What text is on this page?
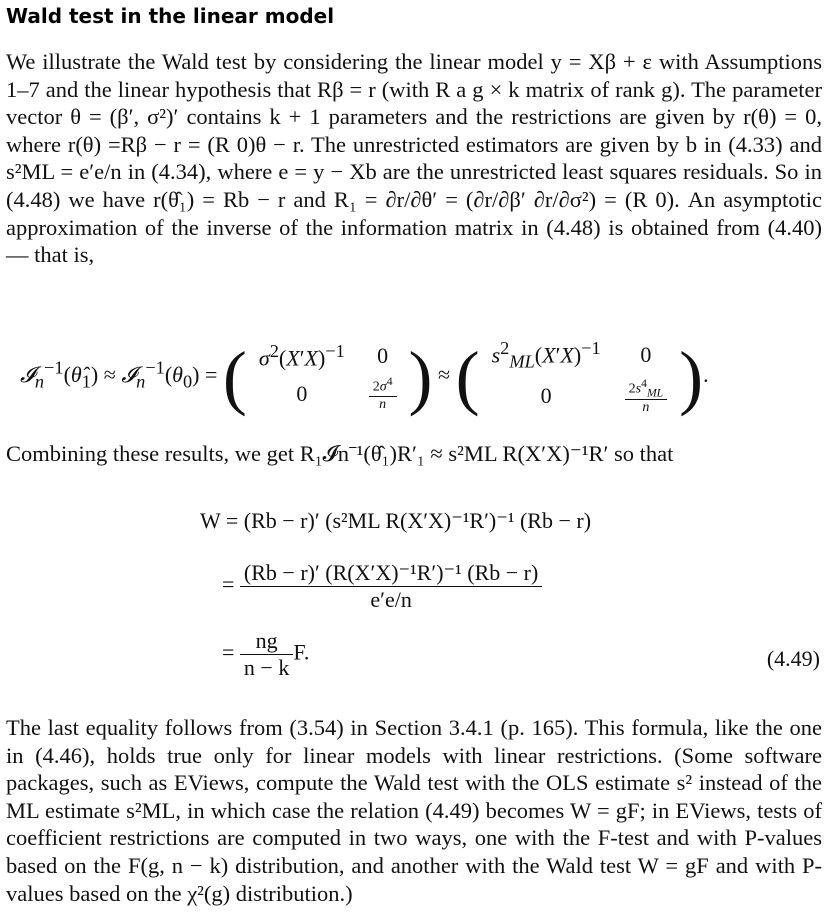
Wald test in the linear model
We illustrate the Wald test by considering the linear model y = Xβ + ε with Assumptions 1–7 and the linear hypothesis that Rβ = r (with R a g × k matrix of rank g). The parameter vector θ = (β′, σ²)′ contains k + 1 parameters and the restrictions are given by r(θ) = 0, where r(θ) =Rβ − r = (R 0)θ − r. The unrestricted estimators are given by b in (4.33) and s²ML = e′e/n in (4.34), where e = y − Xb are the unrestricted least squares residuals. So in (4.48) we have r(θ̂₁) = Rb − r and R₁ = ∂r/∂θ′ = (∂r/∂β′ ∂r/∂σ²) = (R 0). An asymptotic approximation of the inverse of the information matrix in (4.48) is obtained from (4.40) — that is,
$𝓘_n^{-1}(\thetâ_1)$ ≈ $𝓘_n^{-1}(\theta_0)$ = ( $\sigma^2(X'X)^{-1}$	0
0	$\frac{2\sigma^4}{n}$ ) ≈ ( $s^2_{ML}(X'X)^{-1}$	0
0	$\frac{2s^4_{ML}}{n}$ ).
Combining these results, we get R₁𝓘n⁻¹(θ̂₁)R′₁ ≈ s²ML R(X′X)⁻¹R′ so that
W = (Rb − r)′ (s²ML R(X′X)⁻¹R′)⁻¹ (Rb − r)
= $\frac{\text{(Rb − r)′ (R(X′X)⁻¹R′)⁻¹ (Rb − r)}}{e'e/n}$
= $\frac{ng}{n - k} F$.	(4.49)
The last equality follows from (3.54) in Section 3.4.1 (p. 165). This formula, like the one in (4.46), holds true only for linear models with linear restrictions. (Some software packages, such as EViews, compute the Wald test with the OLS estimate s² instead of the ML estimate s²ML, in which case the relation (4.49) becomes W = gF; in EViews, tests of coefficient restrictions are computed in two ways, one with the F-test and with P-values based on the F(g, n − k) distribution, and another with the Wald test W = gF and with P-values based on the χ²(g) distribution.)
